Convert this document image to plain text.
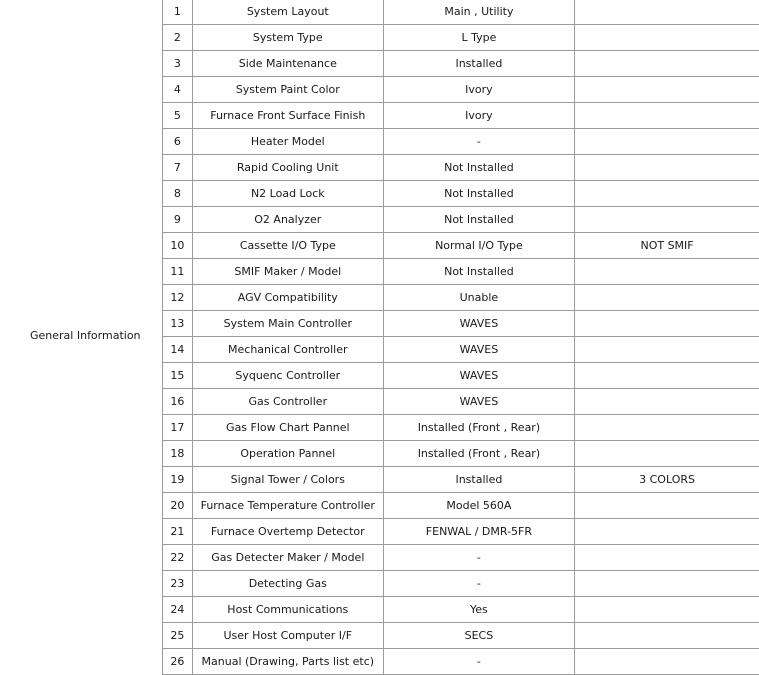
General Information
1	System Layout	Main , Utility	
2	System Type	L Type	
3	Side Maintenance	Installed	
4	System Paint Color	Ivory	
5	Furnace Front Surface Finish	Ivory	
6	Heater Model	-	
7	Rapid Cooling Unit	Not Installed	
8	N2 Load Lock	Not Installed	
9	O2 Analyzer	Not Installed	
10	Cassette I/O Type	Normal I/O Type	NOT SMIF
11	SMIF Maker / Model	Not Installed	
12	AGV Compatibility	Unable	
13	System Main Controller	WAVES	
14	Mechanical Controller	WAVES	
15	Syquenc Controller	WAVES	
16	Gas Controller	WAVES	
17	Gas Flow Chart Pannel	Installed (Front , Rear)	
18	Operation Pannel	Installed (Front , Rear)	
19	Signal Tower / Colors	Installed	3 COLORS
20	Furnace Temperature Controller	Model 560A	
21	Furnace Overtemp Detector	FENWAL / DMR-5FR	
22	Gas Detecter Maker / Model	-	
23	Detecting Gas	-	
24	Host Communications	Yes	
25	User Host Computer I/F	SECS	
26	Manual (Drawing, Parts list etc)	-	
